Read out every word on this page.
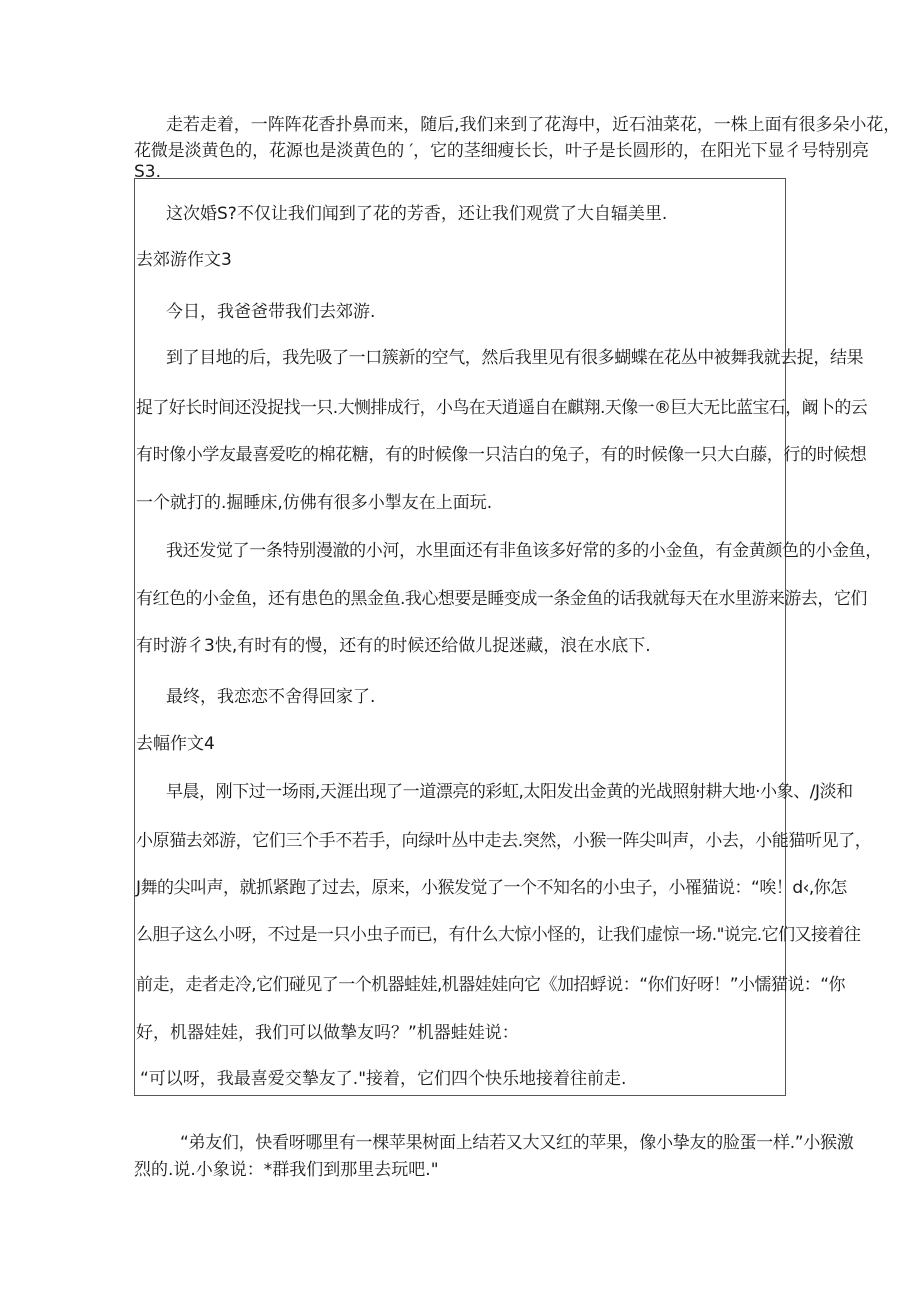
走若走着，一阵阵花香扑鼻而来，随后,我们来到了花海中，近石油菜花，一株上面有很多朵小花，
花微是淡黄色的，花源也是淡黄色的 ′，它的茎细瘦长长，叶子是长圆形的，在阳光下显彳号特别亮
S3.
这次婚S?不仅让我们闻到了花的芳香，还让我们观赏了大自辐美里.
去郊游作文3
今日，我爸爸带我们去郊游.
到了目地的后，我先吸了一口簇新的空气，然后我里见有很多蝴蝶在花丛中被舞我就去捉，结果
捉了好长时间还没捉找一只.大恻排成行，小鸟在天逍遥自在麒翔.天像一®巨大无比蓝宝石，阚卜的云
有时像小学友最喜爱吃的棉花糖，有的时候像一只洁白的兔子，有的时候像一只大白藤，行的时候想
一个就打的.掘睡床,仿佛有很多小掣友在上面玩.
我还发觉了一条特别漫澈的小河，水里面还有非鱼该多好常的多的小金鱼，有金黄颜色的小金鱼，
有红色的小金鱼，还有患色的黑金鱼.我心想要是睡变成一条金鱼的话我就每天在水里游来游去，它们
有时游彳3快,有时有的慢，还有的时候还给做儿捉迷藏，浪在水底下.
最终，我恋恋不舍得回家了.
去幅作文4
早晨，刚下过一场雨,天涯出现了一道漂亮的彩虹,太阳发出金黄的光战照射耕大地·小象、/J淡和
小原猫去郊游，它们三个手不若手，向绿叶丛中走去.突然，小猴一阵尖叫声，小去，小能猫听见了，
J舞的尖叫声，就抓紧跑了过去，原来，小猴发觉了一个不知名的小虫子，小罹猫说：“唉！d‹,你怎
么胆子这么小呀，不过是一只小虫子而已，有什么大惊小怪的，让我们虚惊一场."说完.它们又接着往
前走，走者走冷,它们碰见了一个机器蛙娃,机器娃娃向它《加招蜉说：“你们好呀！”小懦猫说：“你
好，机器娃娃，我们可以做摯友吗？”机器蛙娃说：
“可以呀，我最喜爱交摯友了."接着，它们四个快乐地接着往前走.
“弟友们，快看呀哪里有一棵苹果树面上结若又大又红的苹果，像小挚友的脸蛋一样.”小猴激
烈的.说.小象说：*群我们到那里去玩吧."
